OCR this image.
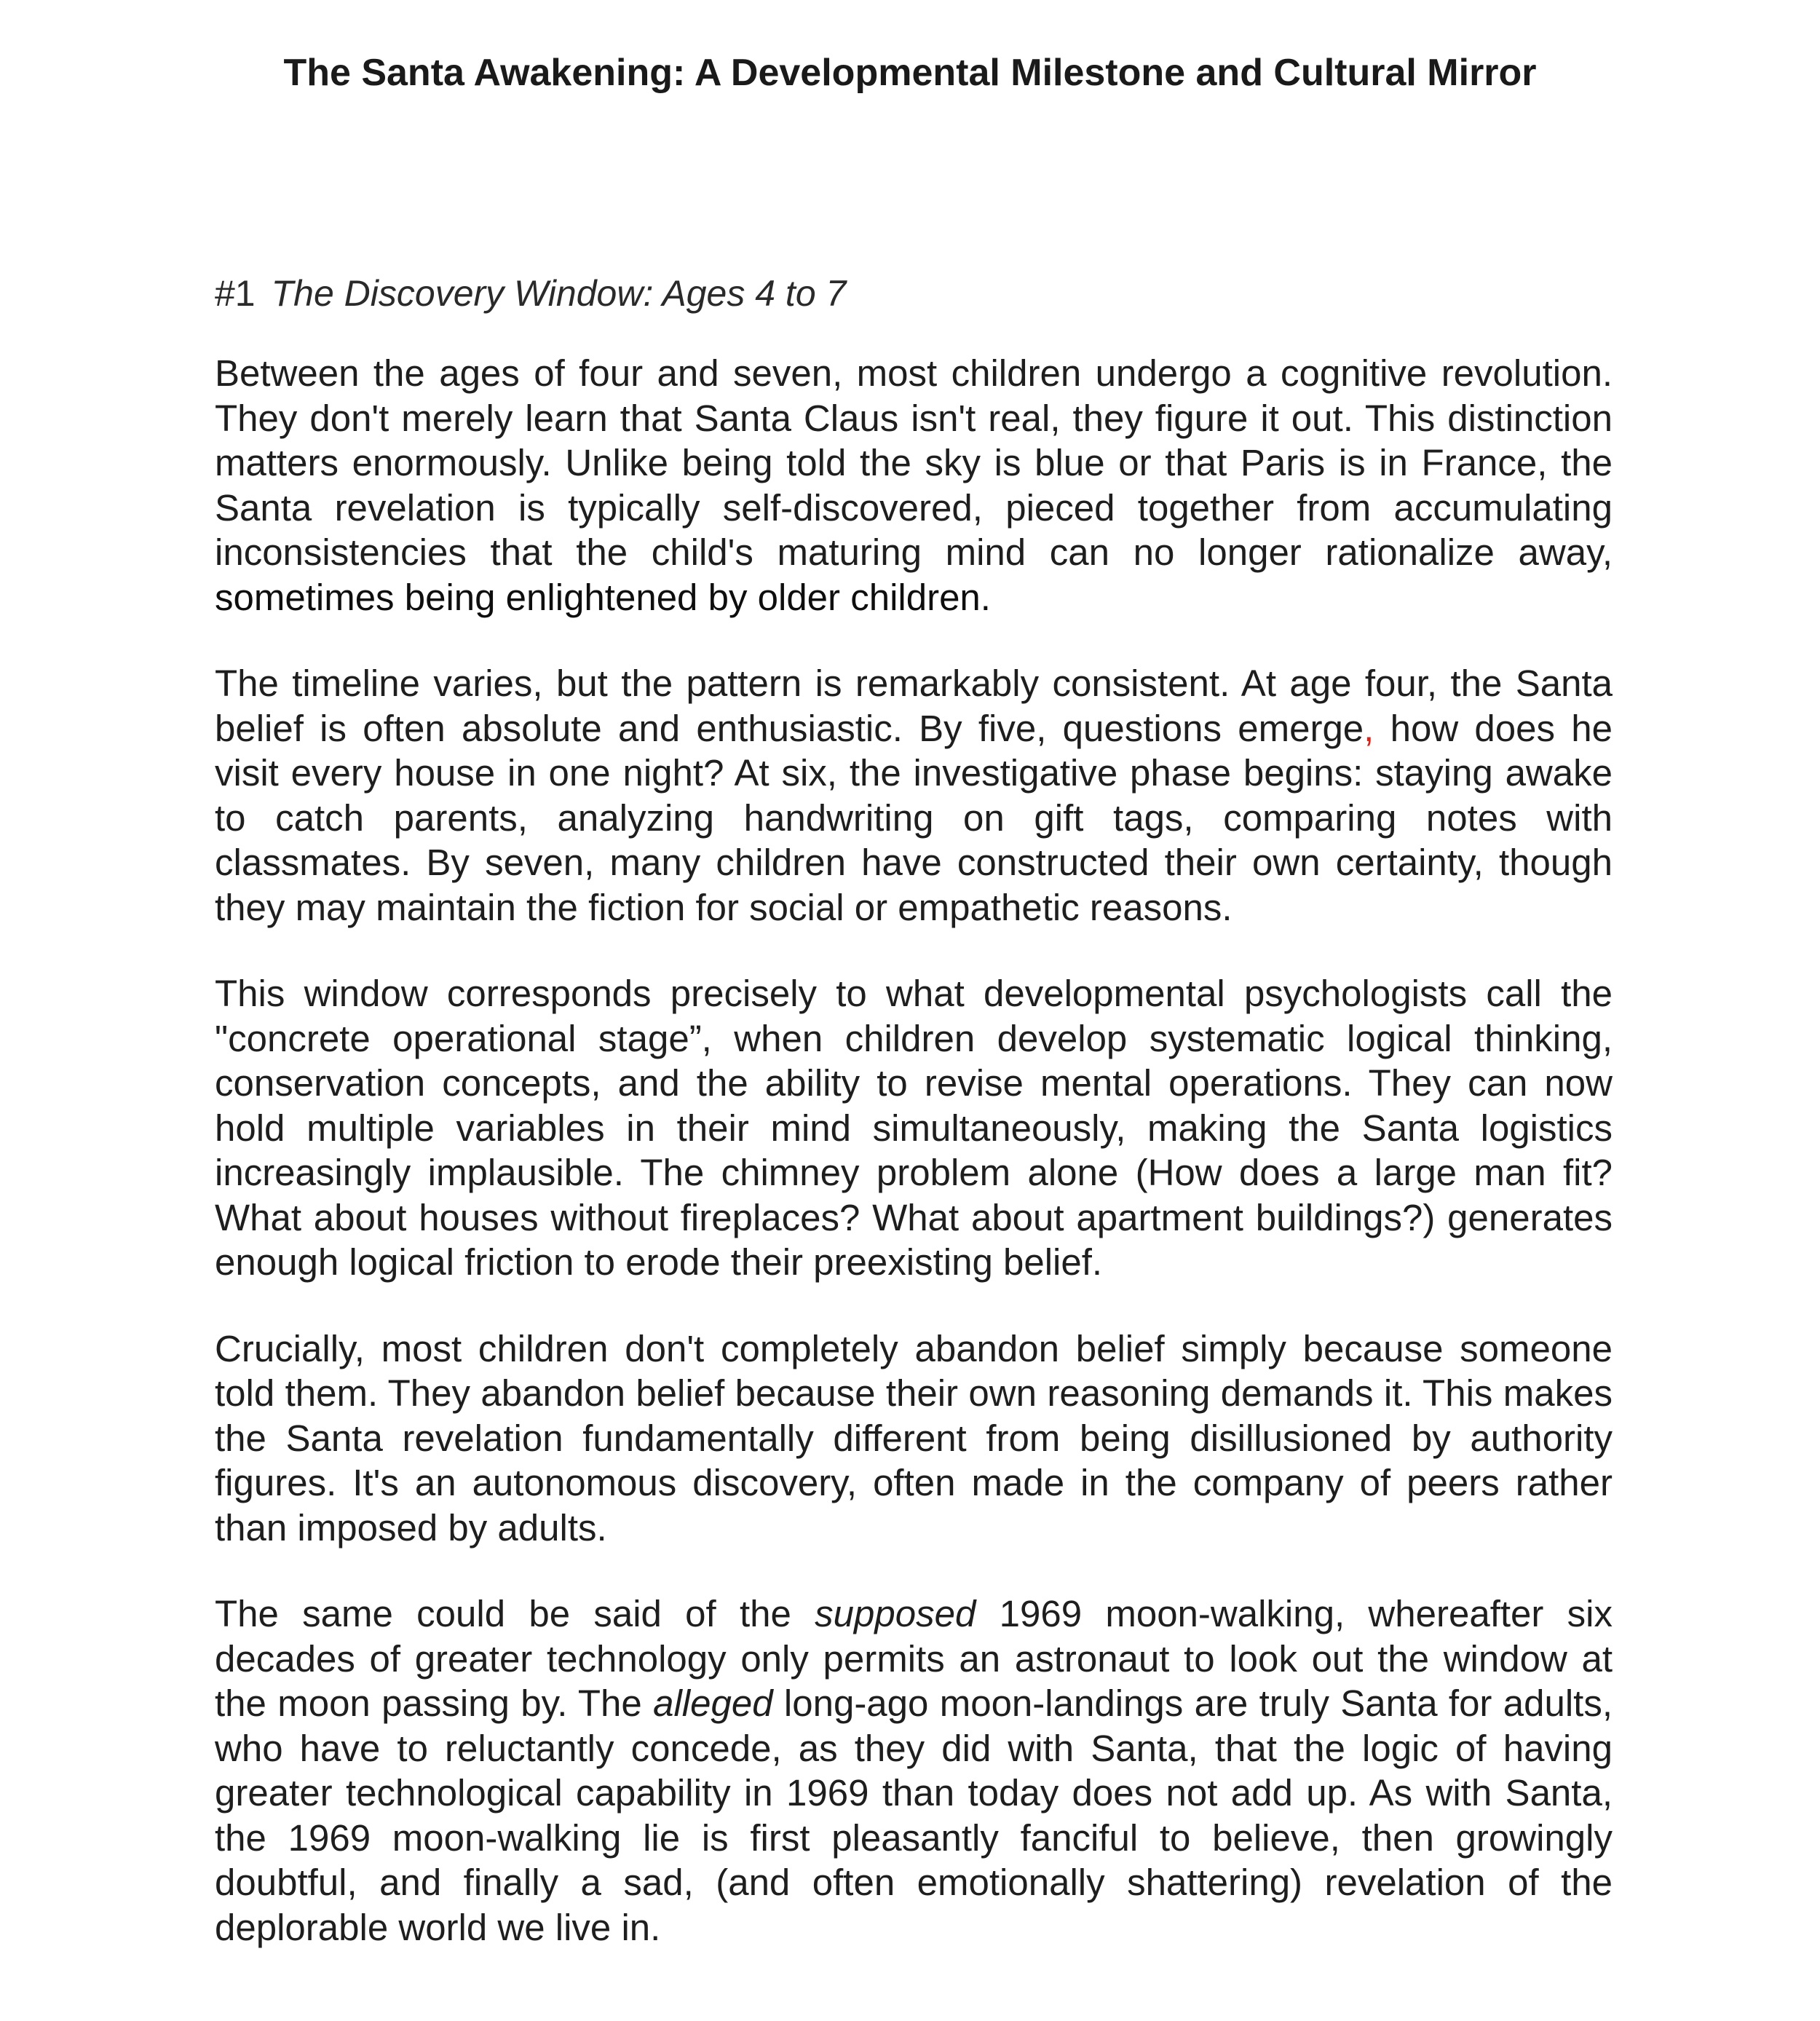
The Santa Awakening: A Developmental Milestone and Cultural Mirror
#1 The Discovery Window: Ages 4 to 7

Between the ages of four and seven, most children undergo a cognitive revolution. They don't merely learn that Santa Claus isn't real, they figure it out. This distinction matters enormously. Unlike being told the sky is blue or that Paris is in France, the Santa revelation is typically self-discovered, pieced together from accumulating inconsistencies that the child's maturing mind can no longer rationalize away, sometimes being enlightened by older children.

The timeline varies, but the pattern is remarkably consistent. At age four, the Santa belief is often absolute and enthusiastic. By five, questions emerge, how does he visit every house in one night? At six, the investigative phase begins: staying awake to catch parents, analyzing handwriting on gift tags, comparing notes with classmates. By seven, many children have constructed their own certainty, though they may maintain the fiction for social or empathetic reasons.

This window corresponds precisely to what developmental psychologists call the "concrete operational stage”, when children develop systematic logical thinking, conservation concepts, and the ability to revise mental operations. They can now hold multiple variables in their mind simultaneously, making the Santa logistics increasingly implausible. The chimney problem alone (How does a large man fit? What about houses without fireplaces? What about apartment buildings?) generates enough logical friction to erode their preexisting belief.

Crucially, most children don't completely abandon belief simply because someone told them. They abandon belief because their own reasoning demands it. This makes the Santa revelation fundamentally different from being disillusioned by authority figures. It's an autonomous discovery, often made in the company of peers rather than imposed by adults.

The same could be said of the supposed 1969 moon-walking, whereafter six decades of greater technology only permits an astronaut to look out the window at the moon passing by. The alleged long-ago moon-landings are truly Santa for adults, who have to reluctantly concede, as they did with Santa, that the logic of having greater technological capability in 1969 than today does not add up. As with Santa, the 1969 moon-walking lie is first pleasantly fanciful to believe, then growingly doubtful, and finally a sad, (and often emotionally shattering) revelation of the deplorable world we live in.
